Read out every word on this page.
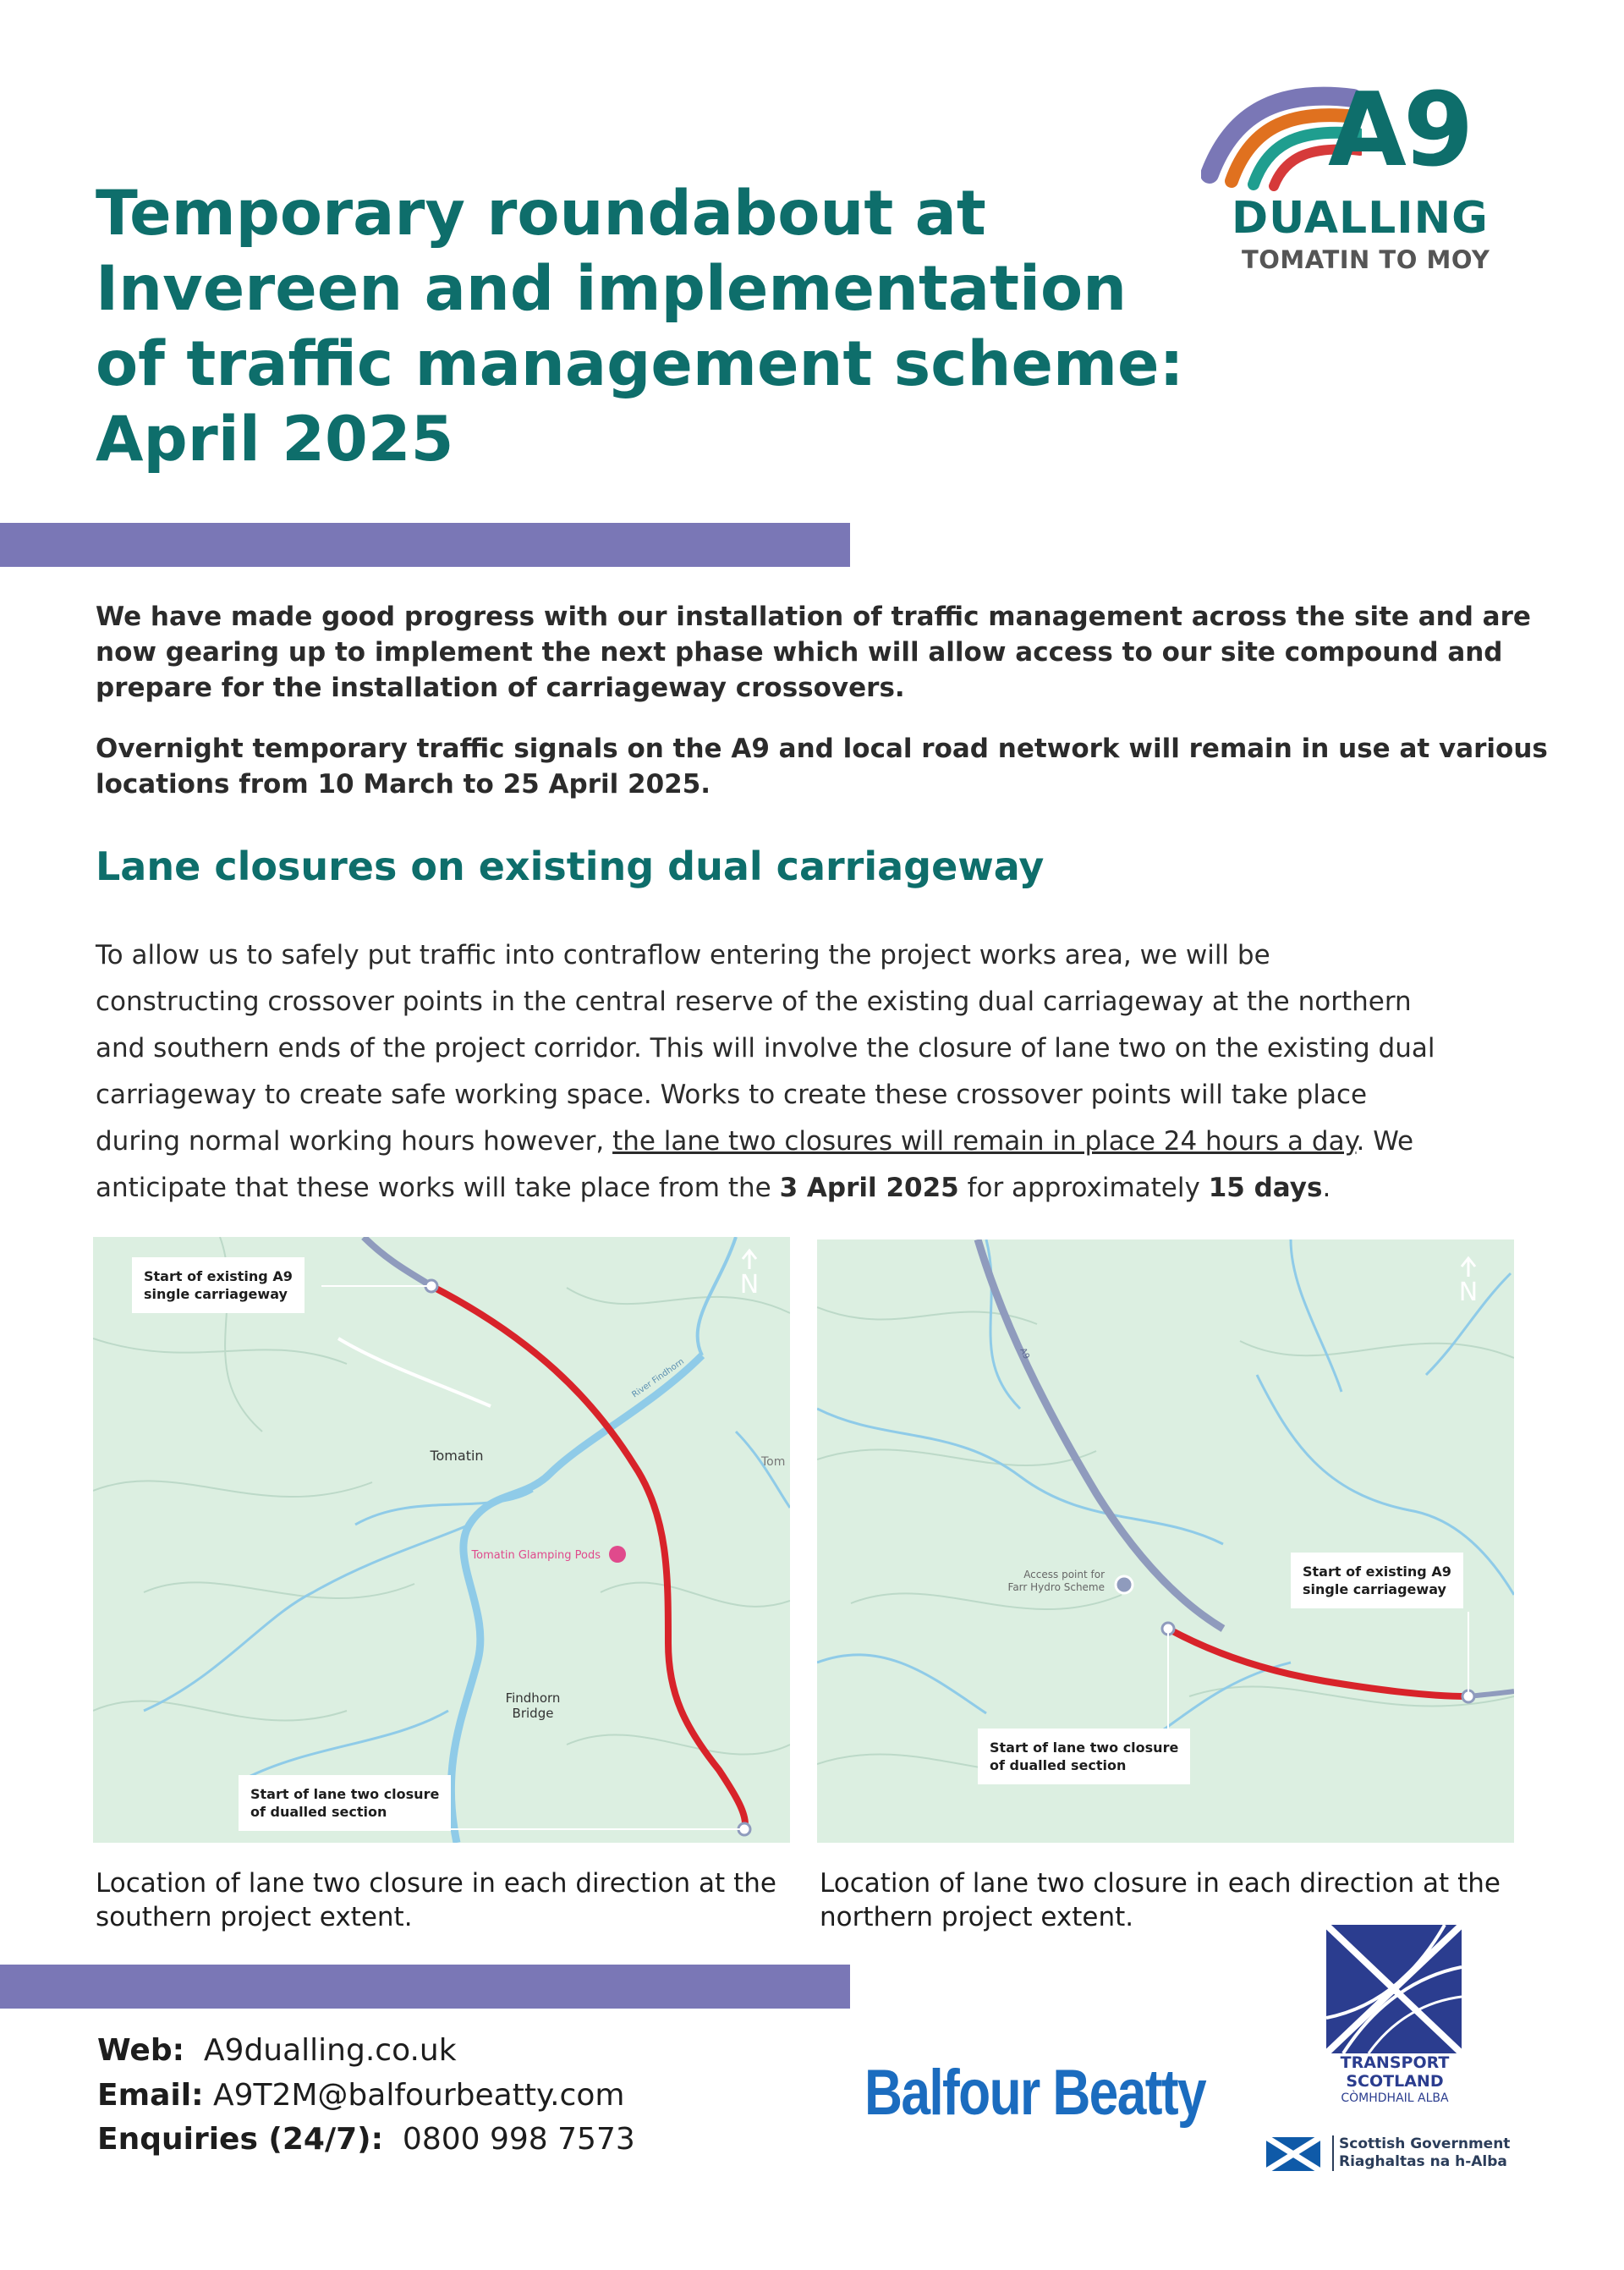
Temporary roundabout at
Invereen and implementation
of traffic management scheme:
April 2025
A9
DUALLING
TOMATIN TO MOY

We have made good progress with our installation of traffic management across the site and are
now gearing up to implement the next phase which will allow access to our site compound and
prepare for the installation of carriageway crossovers.

Overnight temporary traffic signals on the A9 and local road network will remain in use at various
locations from 10 March to 25 April 2025.

Lane closures on existing dual carriageway

To allow us to safely put traffic into contraflow entering the project works area, we will be
constructing crossover points in the central reserve of the existing dual carriageway at the northern
and southern ends of the project corridor. This will involve the closure of lane two on the existing dual
carriageway to create safe working space. Works to create these crossover points will take place
during normal working hours however, the lane two closures will remain in place 24 hours a day. We
anticipate that these works will take place from the 3 April 2025 for approximately 15 days.

Tomatin
Tomatin Glamping Pods
Findhorn
Bridge
Tom
River Findhorn
N
Start of existing A9
single carriageway
Start of lane two closure
of dualled section
Access point for
Farr Hydro Scheme
A9
N
Start of existing A9
single carriageway
Start of lane two closure
of dualled section

Location of lane two closure in each direction at the
southern project extent.

Location of lane two closure in each direction at the
northern project extent.

Web: A9dualling.co.uk

Email: A9T2M@balfourbeatty.com

Enquiries (24/7): 0800 998 7573

Balfour Beatty	TRANSPORT
SCOTLAND
CÒMHDHAIL ALBA
Scottish Government
Riaghaltas na h-Alba
